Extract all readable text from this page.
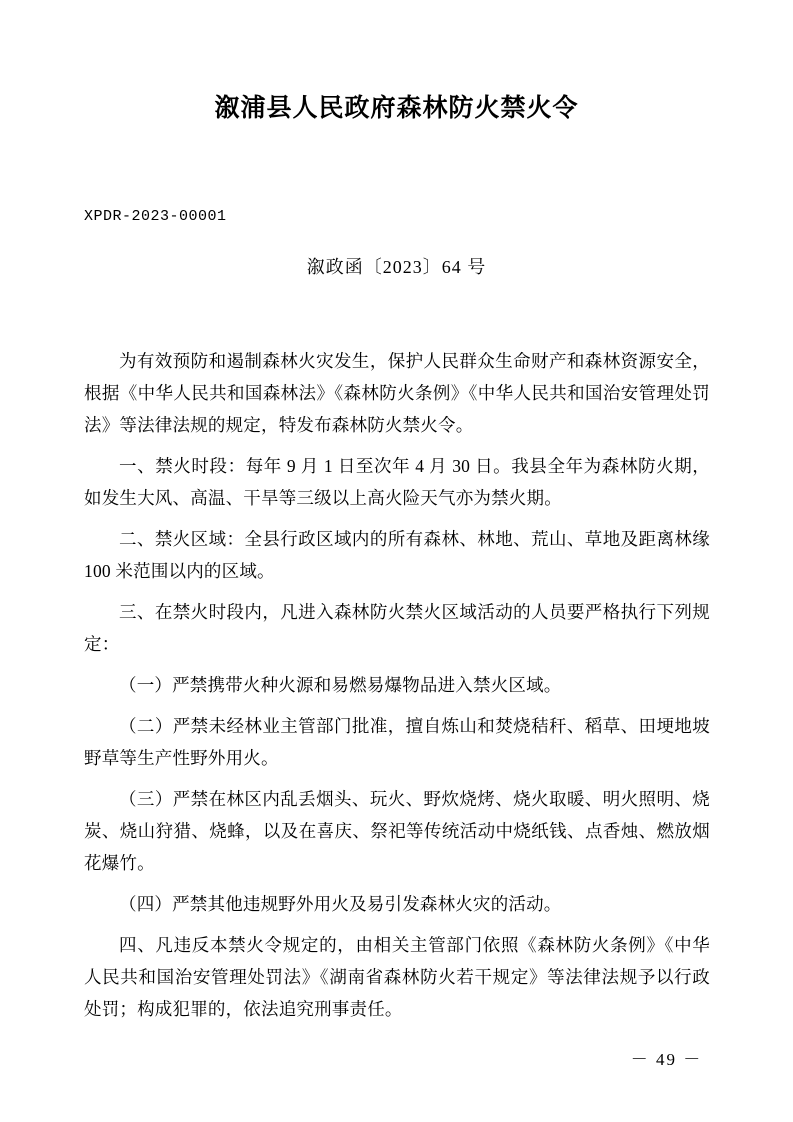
溆浦县人民政府森林防火禁火令
XPDR-2023-00001
溆政函〔2023〕64 号

为有效预防和遏制森林火灾发生，保护人民群众生命财产和森林资源安全，根据《中华人民共和国森林法》《森林防火条例》《中华人民共和国治安管理处罚法》等法律法规的规定，特发布森林防火禁火令。

一、禁火时段：每年 9 月 1 日至次年 4 月 30 日。我县全年为森林防火期，如发生大风、高温、干旱等三级以上高火险天气亦为禁火期。

二、禁火区域：全县行政区域内的所有森林、林地、荒山、草地及距离林缘 100 米范围以内的区域。

三、在禁火时段内，凡进入森林防火禁火区域活动的人员要严格执行下列规定：

（一）严禁携带火种火源和易燃易爆物品进入禁火区域。

（二）严禁未经林业主管部门批准，擅自炼山和焚烧秸秆、稻草、田埂地坡野草等生产性野外用火。

（三）严禁在林区内乱丢烟头、玩火、野炊烧烤、烧火取暖、明火照明、烧炭、烧山狩猎、烧蜂，以及在喜庆、祭祀等传统活动中烧纸钱、点香烛、燃放烟花爆竹。

（四）严禁其他违规野外用火及易引发森林火灾的活动。

四、凡违反本禁火令规定的，由相关主管部门依照《森林防火条例》《中华人民共和国治安管理处罚法》《湖南省森林防火若干规定》等法律法规予以行政处罚；构成犯罪的，依法追究刑事责任。

－ 49 －
